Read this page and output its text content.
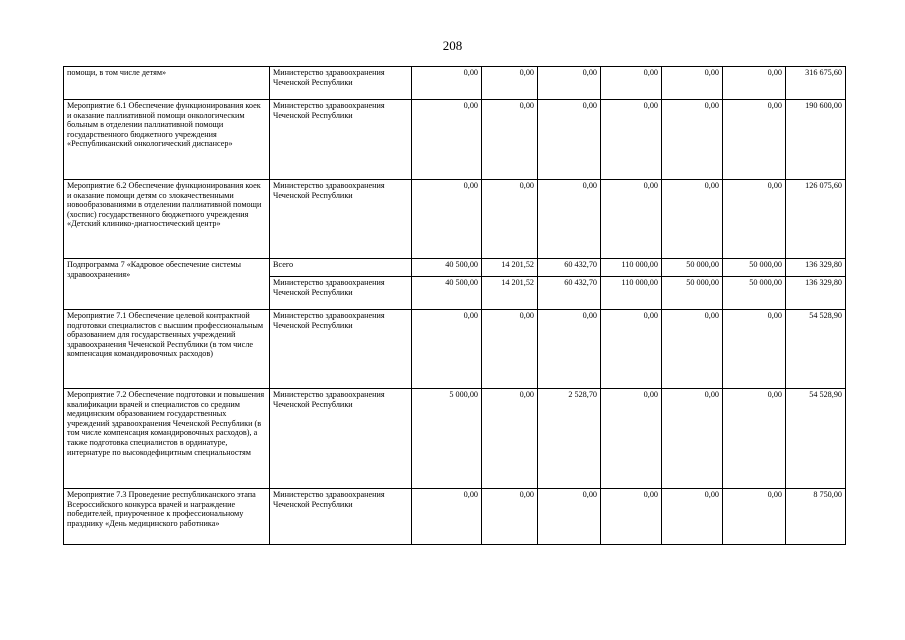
208
помощи, в том числе детям»	Министерство здравоохранения Чеченской Республики	0,00	0,00	0,00	0,00	0,00	0,00	316 675,60
Мероприятие 6.1 Обеспечение функционирования коек и оказание паллиативной помощи онкологическим больным в отделении паллиативной помощи государственного бюджетного учреждения «Республиканский онкологический диспансер»	Министерство здравоохранения Чеченской Республики	0,00	0,00	0,00	0,00	0,00	0,00	190 600,00
Мероприятие 6.2 Обеспечение функционирования коек и оказание помощи детям со злокачественными новообразованиями в отделении паллиативной помощи (хоспис) государственного бюджетного учреждения «Детский клинико-диагностический центр»	Министерство здравоохранения Чеченской Республики	0,00	0,00	0,00	0,00	0,00	0,00	126 075,60
Подпрограмма 7 «Кадровое обеспечение системы здравоохранения»	Всего	40 500,00	14 201,52	60 432,70	110 000,00	50 000,00	50 000,00	136 329,80
	Министерство здравоохранения Чеченской Республики	40 500,00	14 201,52	60 432,70	110 000,00	50 000,00	50 000,00	136 329,80
Мероприятие 7.1 Обеспечение целевой контрактной подготовки специалистов с высшим профессиональным образованием для государственных учреждений здравоохранения Чеченской Республики (в том числе компенсация командировочных расходов)	Министерство здравоохранения Чеченской Республики	0,00	0,00	0,00	0,00	0,00	0,00	54 528,90
Мероприятие 7.2 Обеспечение подготовки и повышения квалификации врачей и специалистов со средним медицинским образованием государственных учреждений здравоохранения Чеченской Республики (в том числе компенсация командировочных расходов), а также подготовка специалистов в ординатуре, интернатуре по высокодефицитным специальностям	Министерство здравоохранения Чеченской Республики	5 000,00	0,00	2 528,70	0,00	0,00	0,00	54 528,90
Мероприятие 7.3 Проведение республиканского этапа Всероссийского конкурса врачей и награждение победителей, приуроченное к профессиональному празднику «День медицинского работника»	Министерство здравоохранения Чеченской Республики	0,00	0,00	0,00	0,00	0,00	0,00	8 750,00
